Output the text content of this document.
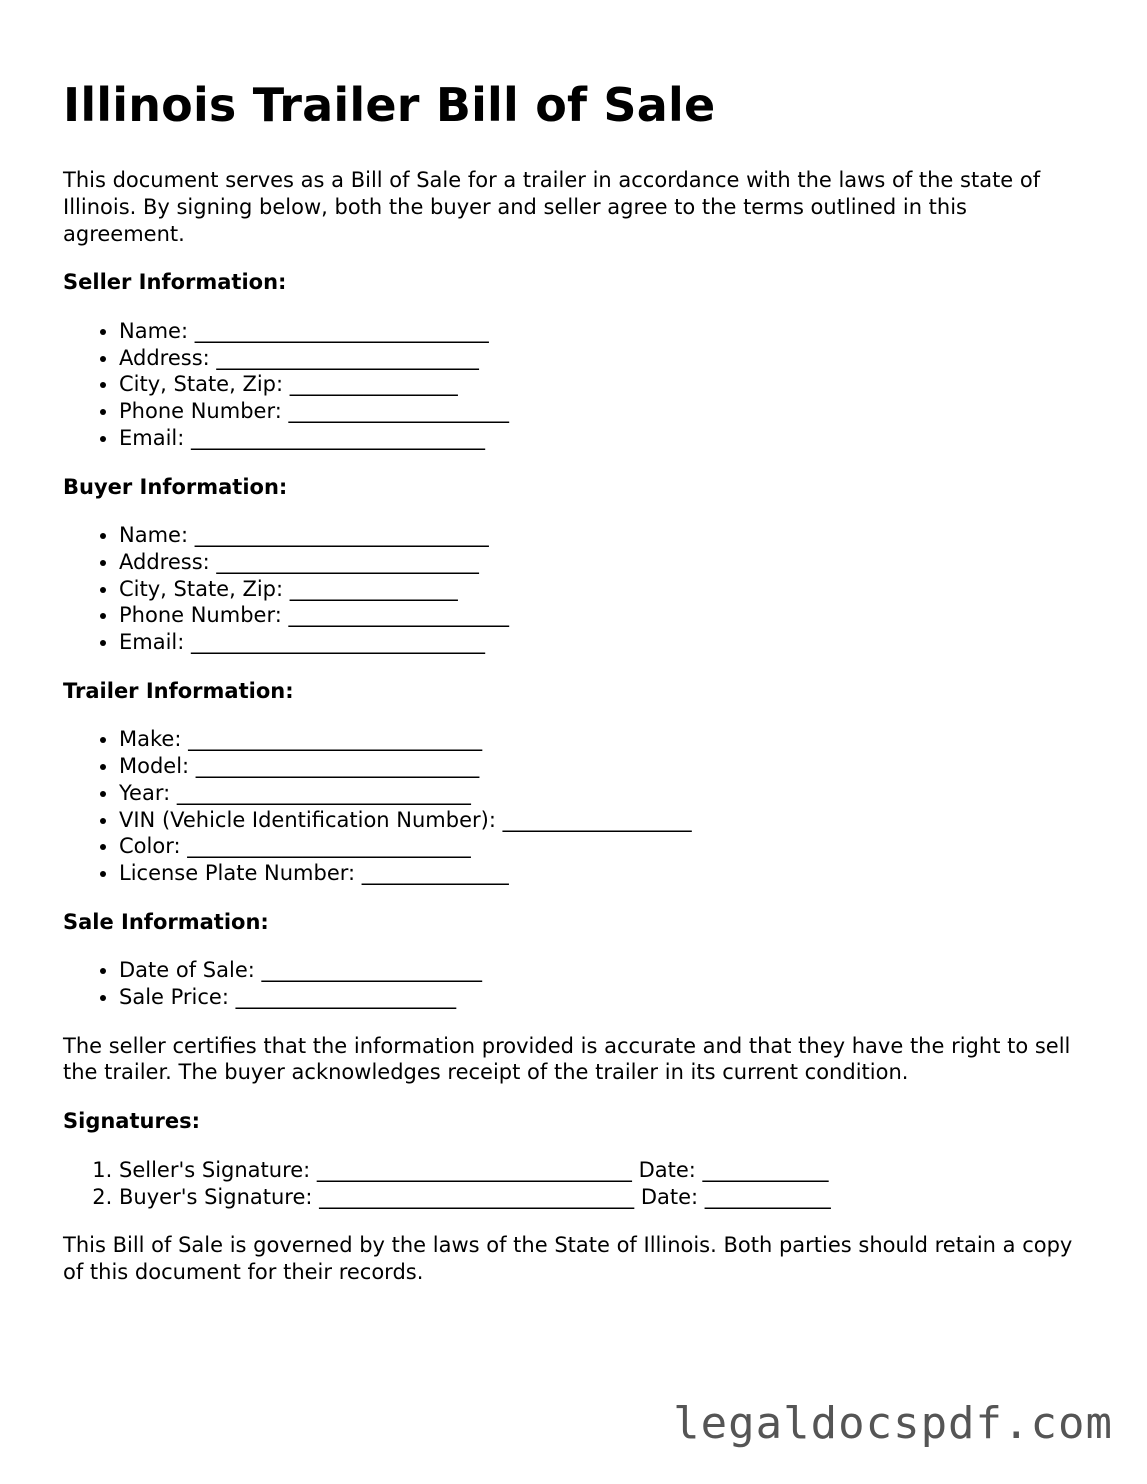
Illinois Trailer Bill of Sale

This document serves as a Bill of Sale for a trailer in accordance with the laws of the state of Illinois. By signing below, both the buyer and seller agree to the terms outlined in this agreement.

Seller Information:
• Name: ____________________________
• Address: _________________________
• City, State, Zip: ________________
• Phone Number: _____________________
• Email: ____________________________
Buyer Information:
• Name: ____________________________
• Address: _________________________
• City, State, Zip: ________________
• Phone Number: _____________________
• Email: ____________________________
Trailer Information:
• Make: ____________________________
• Model: ___________________________
• Year: ____________________________
• VIN (Vehicle Identification Number): __________________
• Color: ___________________________
• License Plate Number: ______________
Sale Information:
• Date of Sale: _____________________
• Sale Price: _____________________

The seller certifies that the information provided is accurate and that they have the right to sell the trailer. The buyer acknowledges receipt of the trailer in its current condition.

Signatures:
1. Seller's Signature: ______________________________ Date: ____________
2. Buyer's Signature: ______________________________ Date: ____________

This Bill of Sale is governed by the laws of the State of Illinois. Both parties should retain a copy of this document for their records.

legaldocspdf.com
